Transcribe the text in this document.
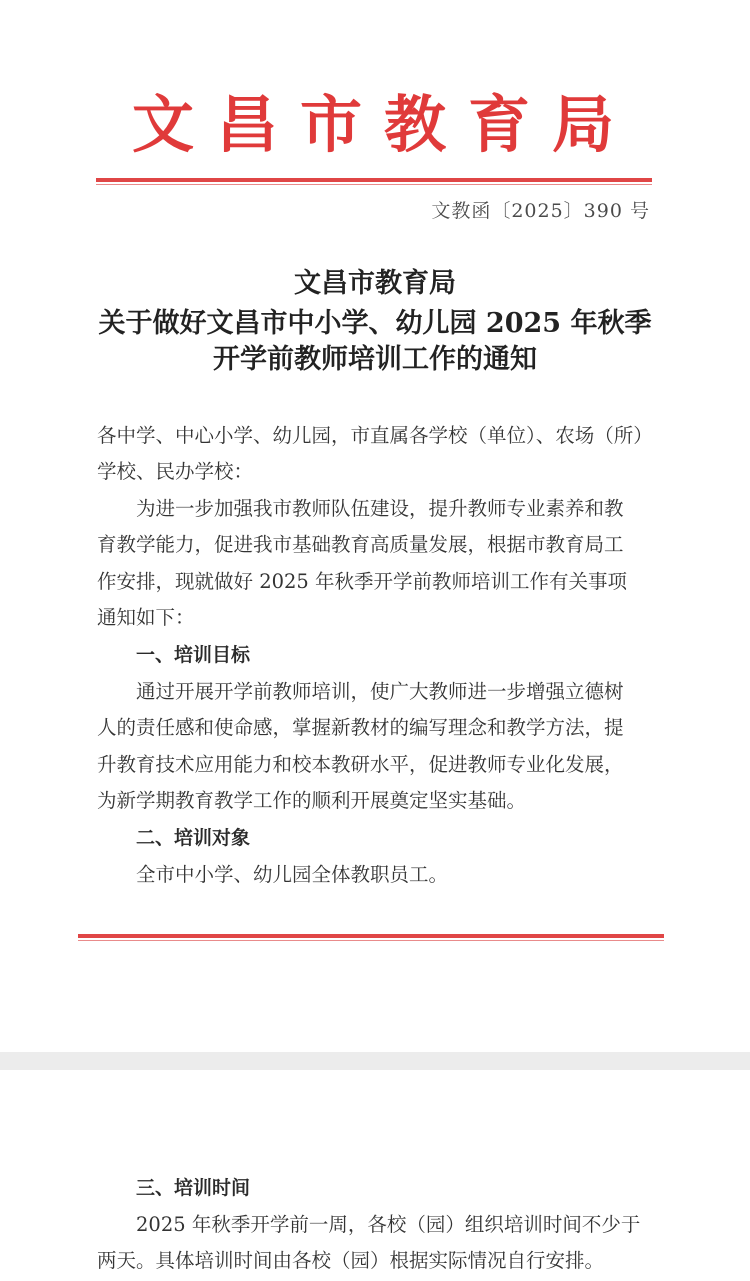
文昌市教育局
文教函〔2025〕390 号
文昌市教育局
关于做好文昌市中小学、幼儿园 2025 年秋季
开学前教师培训工作的通知
各中学、中心小学、幼儿园，市直属各学校（单位）、农场（所）
学校、民办学校：
为进一步加强我市教师队伍建设，提升教师专业素养和教
育教学能力，促进我市基础教育高质量发展，根据市教育局工
作安排，现就做好 2025 年秋季开学前教师培训工作有关事项
通知如下：
一、培训目标
通过开展开学前教师培训，使广大教师进一步增强立德树
人的责任感和使命感，掌握新教材的编写理念和教学方法，提
升教育技术应用能力和校本教研水平，促进教师专业化发展，
为新学期教育教学工作的顺利开展奠定坚实基础。
二、培训对象
全市中小学、幼儿园全体教职员工。
三、培训时间
2025 年秋季开学前一周，各校（园）组织培训时间不少于
两天。具体培训时间由各校（园）根据实际情况自行安排。
